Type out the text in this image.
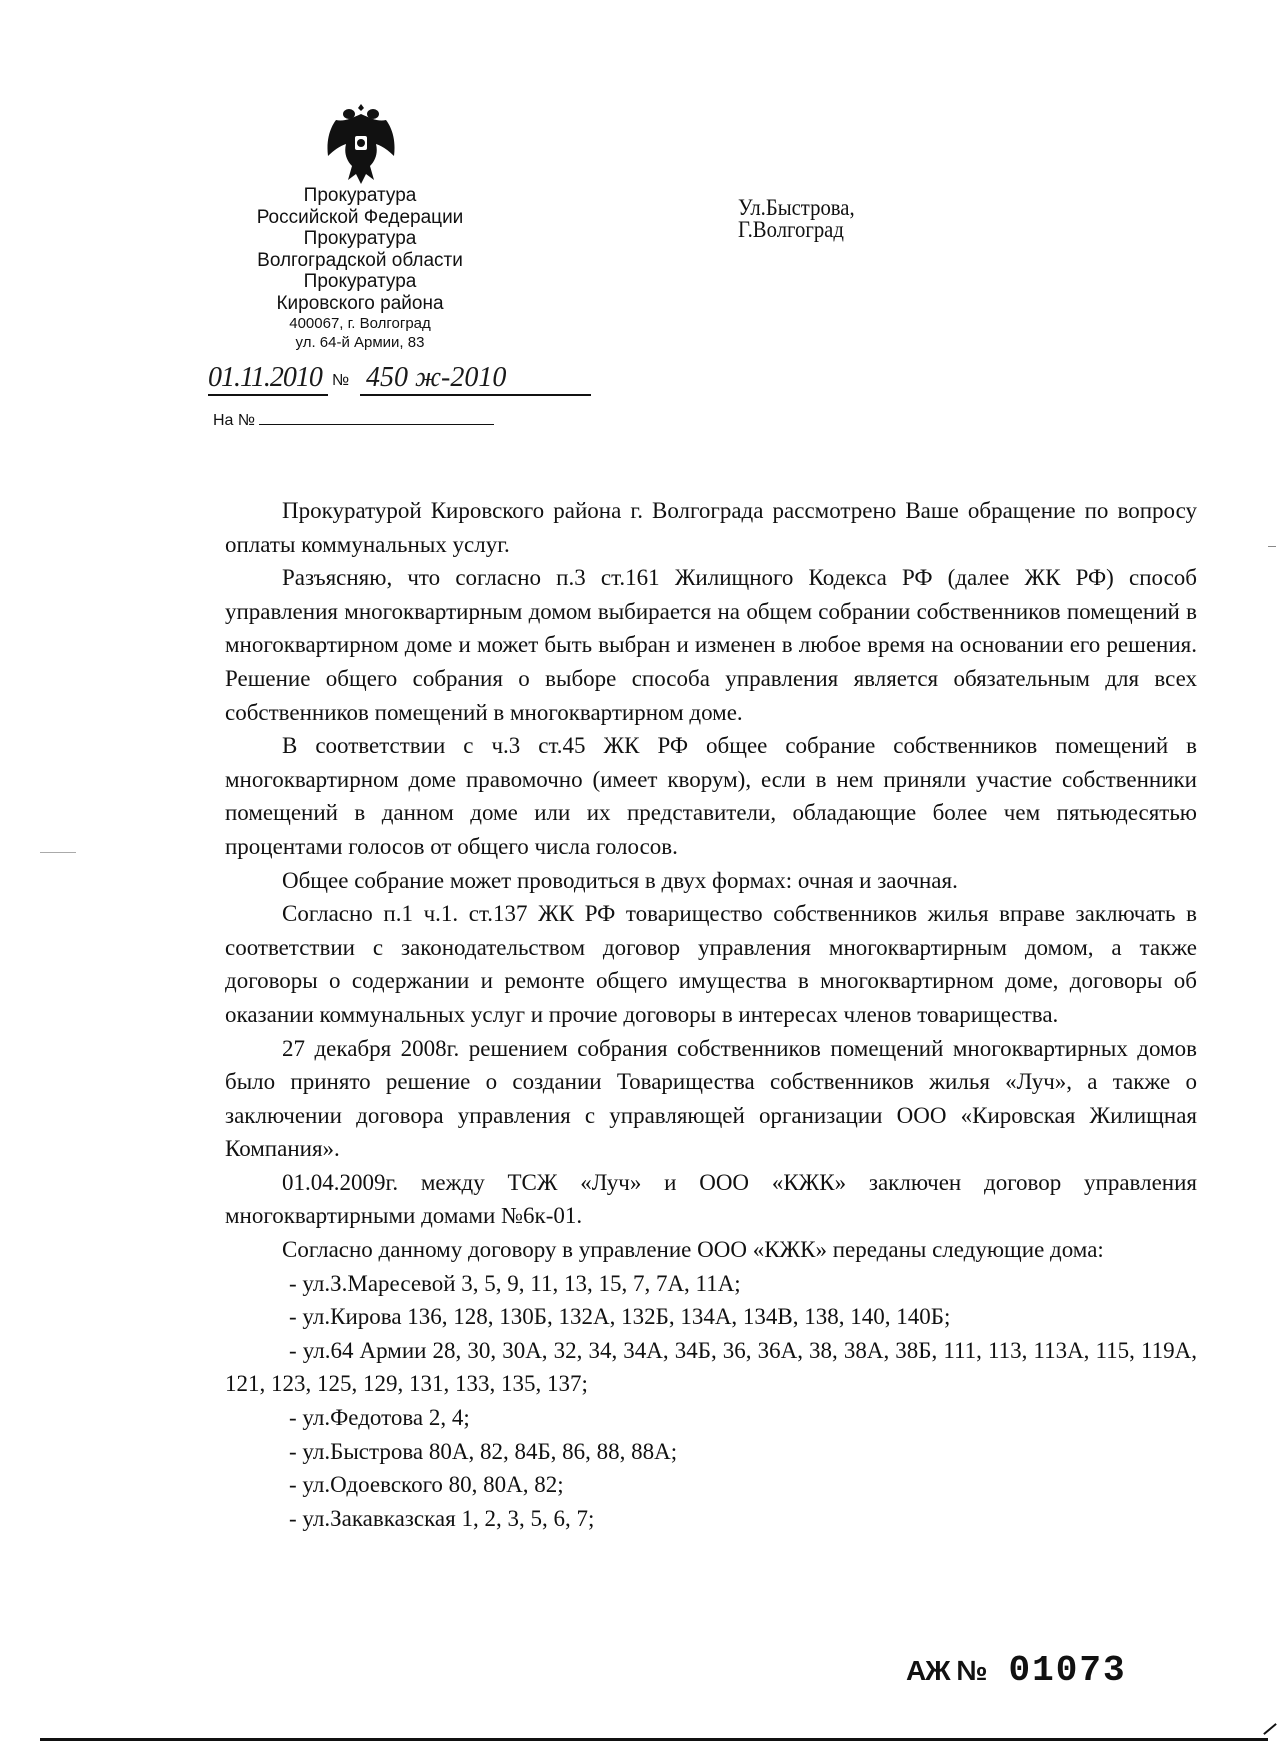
Прокуратура
Российской Федерации
Прокуратура
Волгоградской области
Прокуратура
Кировского района
400067, г. Волгоград
ул. 64-й Армии, 83
01.11.2010 № 450 ж-2010
На №
Ул.Быстрова,
Г.Волгоград

Прокуратурой Кировского района г. Волгограда рассмотрено Ваше обращение по вопросу оплаты коммунальных услуг.

Разъясняю, что согласно п.3 ст.161 Жилищного Кодекса РФ (далее ЖК РФ) способ управления многоквартирным домом выбирается на общем собрании собственников помещений в многоквартирном доме и может быть выбран и изменен в любое время на основании его решения. Решение общего собрания о выборе способа управления является обязательным для всех собственников помещений в многоквартирном доме.

В соответствии с ч.3 ст.45 ЖК РФ общее собрание собственников помещений в многоквартирном доме правомочно (имеет кворум), если в нем приняли участие собственники помещений в данном доме или их представители, обладающие более чем пятьюдесятью процентами голосов от общего числа голосов.

Общее собрание может проводиться в двух формах: очная и заочная.

Согласно п.1 ч.1. ст.137 ЖК РФ товарищество собственников жилья вправе заключать в соответствии с законодательством договор управления многоквартирным домом, а также договоры о содержании и ремонте общего имущества в многоквартирном доме, договоры об оказании коммунальных услуг и прочие договоры в интересах членов товарищества.

27 декабря 2008г. решением собрания собственников помещений многоквартирных домов было принято решение о создании Товарищества собственников жилья «Луч», а также о заключении договора управления с управляющей организации ООО «Кировская Жилищная Компания».

01.04.2009г. между ТСЖ «Луч» и ООО «КЖК» заключен договор управления многоквартирными домами №6к-01.

Согласно данному договору в управление ООО «КЖК» переданы следующие дома:

- ул.З.Маресевой 3, 5, 9, 11, 13, 15, 7, 7А, 11А;

- ул.Кирова 136, 128, 130Б, 132А, 132Б, 134А, 134В, 138, 140, 140Б;

- ул.64 Армии 28, 30, 30А, 32, 34, 34А, 34Б, 36, 36А, 38, 38А, 38Б, 111, 113, 113А, 115, 119А, 121, 123, 125, 129, 131, 133, 135, 137;

- ул.Федотова 2, 4;

- ул.Быстрова 80А, 82, 84Б, 86, 88, 88А;

- ул.Одоевского 80, 80А, 82;

- ул.Закавказская 1, 2, 3, 5, 6, 7;

АЖ № 01073
